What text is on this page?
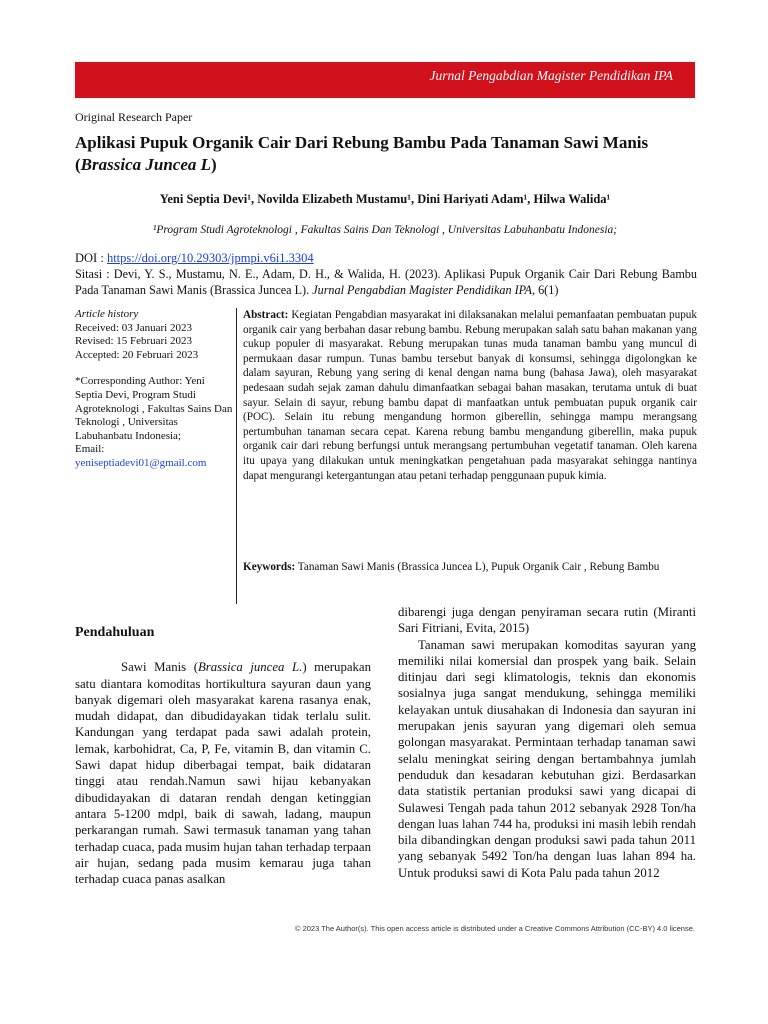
Jurnal Pengabdian Magister Pendidikan IPA
Original Research Paper
Aplikasi Pupuk Organik Cair Dari Rebung Bambu Pada Tanaman Sawi Manis (Brassica Juncea L)
Yeni Septia Devi¹, Novilda Elizabeth Mustamu¹, Dini Hariyati Adam¹, Hilwa Walida¹
¹Program Studi Agroteknologi , Fakultas Sains Dan Teknologi , Universitas Labuhanbatu Indonesia;
DOI : https://doi.org/10.29303/jpmpi.v6i1.3304
Sitasi : Devi, Y. S., Mustamu, N. E., Adam, D. H., & Walida, H. (2023). Aplikasi Pupuk Organik Cair Dari Rebung Bambu Pada Tanaman Sawi Manis (Brassica Juncea L). Jurnal Pengabdian Magister Pendidikan IPA, 6(1)
Article history
Received: 03 Januari 2023
Revised: 15 Februari 2023
Accepted: 20 Februari 2023
*Corresponding Author: Yeni Septia Devi, Program Studi Agroteknologi , Fakultas Sains Dan Teknologi , Universitas Labuhanbatu Indonesia;
Email:
yeniseptiadevi01@gmail.com
Abstract: Kegiatan Pengabdian masyarakat ini dilaksanakan melalui pemanfaatan pembuatan pupuk organik cair yang berbahan dasar rebung bambu. Rebung merupakan salah satu bahan makanan yang cukup populer di masyarakat. Rebung merupakan tunas muda tanaman bambu yang muncul di permukaan dasar rumpun. Tunas bambu tersebut banyak di konsumsi, sehingga digolongkan ke dalam sayuran, Rebung yang sering di kenal dengan nama bung (bahasa Jawa), oleh masyarakat pedesaan sudah sejak zaman dahulu dimanfaatkan sebagai bahan masakan, terutama untuk di buat sayur. Selain di sayur, rebung bambu dapat di manfaatkan untuk pembuatan pupuk organik cair (POC). Selain itu rebung mengandung hormon giberellin, sehingga mampu merangsang pertumbuhan tanaman secara cepat. Karena rebung bambu mengandung giberellin, maka pupuk organik cair dari rebung berfungsi untuk merangsang pertumbuhan vegetatif tanaman. Oleh karena itu upaya yang dilakukan untuk meningkatkan pengetahuan pada masyarakat sehingga nantinya dapat mengurangi ketergantungan atau petani terhadap penggunaan pupuk kimia.
Keywords: Tanaman Sawi Manis (Brassica Juncea L), Pupuk Organik Cair , Rebung Bambu
Pendahuluan

Sawi Manis (Brassica juncea L.) merupakan satu diantara komoditas hortikultura sayuran daun yang banyak digemari oleh masyarakat karena rasanya enak, mudah didapat, dan dibudidayakan tidak terlalu sulit. Kandungan yang terdapat pada sawi adalah protein, lemak, karbohidrat, Ca, P, Fe, vitamin B, dan vitamin C. Sawi dapat hidup diberbagai tempat, baik didataran tinggi atau rendah.Namun sawi hijau kebanyakan dibudidayakan di dataran rendah dengan ketinggian antara 5-1200 mdpl, baik di sawah, ladang, maupun perkarangan rumah. Sawi termasuk tanaman yang tahan terhadap cuaca, pada musim hujan tahan terhadap terpaan air hujan, sedang pada musim kemarau juga tahan terhadap cuaca panas asalkan

dibarengi juga dengan penyiraman secara rutin (Miranti Sari Fitriani, Evita, 2015)

Tanaman sawi merupakan komoditas sayuran yang memiliki nilai komersial dan prospek yang baik. Selain ditinjau dari segi klimatologis, teknis dan ekonomis sosialnya juga sangat mendukung, sehingga memiliki kelayakan untuk diusahakan di Indonesia dan sayuran ini merupakan jenis sayuran yang digemari oleh semua golongan masyarakat. Permintaan terhadap tanaman sawi selalu meningkat seiring dengan bertambahnya jumlah penduduk dan kesadaran kebutuhan gizi. Berdasarkan data statistik pertanian produksi sawi yang dicapai di Sulawesi Tengah pada tahun 2012 sebanyak 2928 Ton/ha dengan luas lahan 744 ha, produksi ini masih lebih rendah bila dibandingkan dengan produksi sawi pada tahun 2011 yang sebanyak 5492 Ton/ha dengan luas lahan 894 ha. Untuk produksi sawi di Kota Palu pada tahun 2012

© 2023 The Author(s). This open access article is distributed under a Creative Commons Attribution (CC-BY) 4.0 license.
